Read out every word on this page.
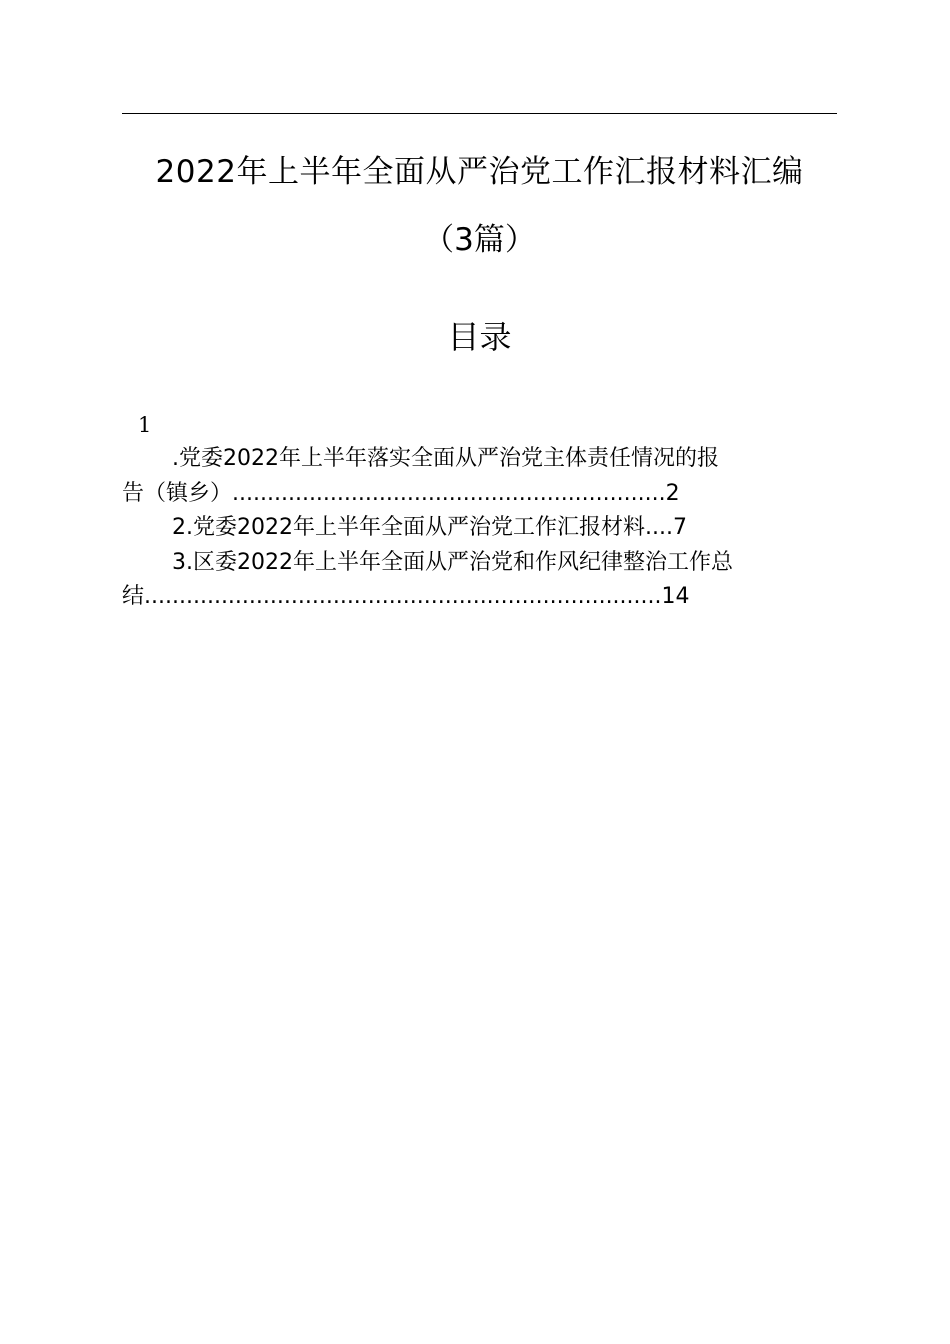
2022年上半年全面从严治党工作汇报材料汇编
（3篇）
目录
1
.党委2022年上半年落实全面从严治党主体责任情况的报
告（镇乡）..............................................................2
2.党委2022年上半年全面从严治党工作汇报材料....7
3.区委2022年上半年全面从严治党和作风纪律整治工作总
结..........................................................................14
